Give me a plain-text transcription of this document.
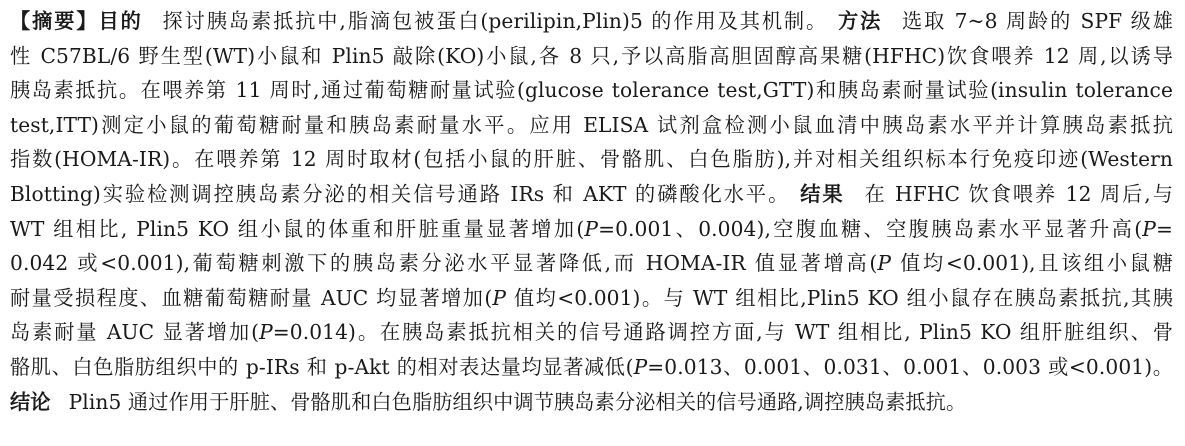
【摘要】目的 探讨胰岛素抵抗中,脂滴包被蛋白(perilipin,Plin)5 的作用及其机制。 方法 选取 7~8 周龄的 SPF 级雄
性 C57BL/6 野生型(WT)小鼠和 Plin5 敲除(KO)小鼠,各 8 只,予以高脂高胆固醇高果糖(HFHC)饮食喂养 12 周,以诱导
胰岛素抵抗。在喂养第 11 周时,通过葡萄糖耐量试验(glucose tolerance test,GTT)和胰岛素耐量试验(insulin tolerance
test,ITT)测定小鼠的葡萄糖耐量和胰岛素耐量水平。应用 ELISA 试剂盒检测小鼠血清中胰岛素水平并计算胰岛素抵抗
指数(HOMA-IR)。在喂养第 12 周时取材(包括小鼠的肝脏、骨骼肌、白色脂肪),并对相关组织标本行免疫印迹(Western
Blotting)实验检测调控胰岛素分泌的相关信号通路 IRs 和 AKT 的磷酸化水平。 结果 在 HFHC 饮食喂养 12 周后,与
WT 组相比, Plin5 KO 组小鼠的体重和肝脏重量显著增加(P=0.001、0.004),空腹血糖、空腹胰岛素水平显著升高(P=
0.042 或<0.001),葡萄糖刺激下的胰岛素分泌水平显著降低,而 HOMA-IR 值显著增高(P 值均<0.001),且该组小鼠糖
耐量受损程度、血糖葡萄糖耐量 AUC 均显著增加(P 值均<0.001)。与 WT 组相比,Plin5 KO 组小鼠存在胰岛素抵抗,其胰
岛素耐量 AUC 显著增加(P=0.014)。在胰岛素抵抗相关的信号通路调控方面,与 WT 组相比, Plin5 KO 组肝脏组织、骨
骼肌、白色脂肪组织中的 p-IRs 和 p-Akt 的相对表达量均显著减低(P=0.013、0.001、0.031、0.001、0.003 或<0.001)。
结论 Plin5 通过作用于肝脏、骨骼肌和白色脂肪组织中调节胰岛素分泌相关的信号通路,调控胰岛素抵抗。
